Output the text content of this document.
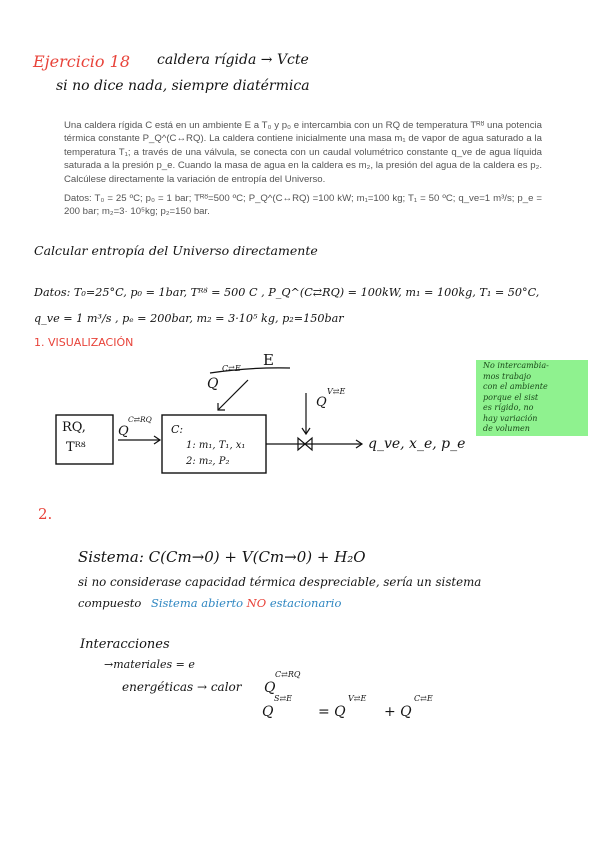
Ejercicio 18 caldera rígida → Vcte
si no dice nada, siempre diatérmica
Una caldera rígida C está en un ambiente E a T₀ y p₀ e intercambia con un RQ de temperatura Tᴿᴽ una potencia térmica constante P_Q^(C↔RQ). La caldera contiene inicialmente una masa m₁ de vapor de agua saturado a la temperatura T₁; a través de una válvula, se conecta con un caudal volumétrico constante q_ve de agua líquida saturada a la presión p_e. Cuando la masa de agua en la caldera es m₂, la presión del agua de la caldera es p₂. Calcúlese directamente la variación de entropía del Universo.
Datos: T₀ = 25 ºC; p₀ = 1 bar; Tᴿᴽ=500 ºC; P_Q^(C↔RQ) =100 kW; m₁=100 kg; T₁ = 50 ºC; q_ve=1 m³/s; p_e = 200 bar; m₂=3· 10⁵kg; p₂=150 bar.
Calcular entropía del Universo directamente
Datos: T₀=25°C, p₀ = 1bar, Tᴿᴽ = 500 C , P_Q^(C⇄RQ) = 100kW, m₁ = 100kg, T₁ = 50°C,
q_ve = 1 m³/s , pₑ = 200bar, m₂ = 3·10⁵ kg, p₂=150bar
1. VISUALIZACIÓN
E
Q
C⇄E
RQ,
Tᴿᴽ
Q
C⇄RQ
C:
1: m₁, T₁, x₁
2: m₂, P₂
Q
V⇄E
q_ve, x_e, p_e
No intercambia-
mos trabajo
con el ambiente
porque el sist
es rígido, no
hay variación
de volumen
2.
Sistema: C(Cm→0) + V(Cm→0) + H₂O
si no considerase capacidad térmica despreciable, sería un sistema
compuesto Sistema abierto NO estacionario
Interacciones
→materiales = e
energéticas → calor Q
C⇄RQ
Q
S⇄E
= Q
V⇄E
+ Q
C⇄E
